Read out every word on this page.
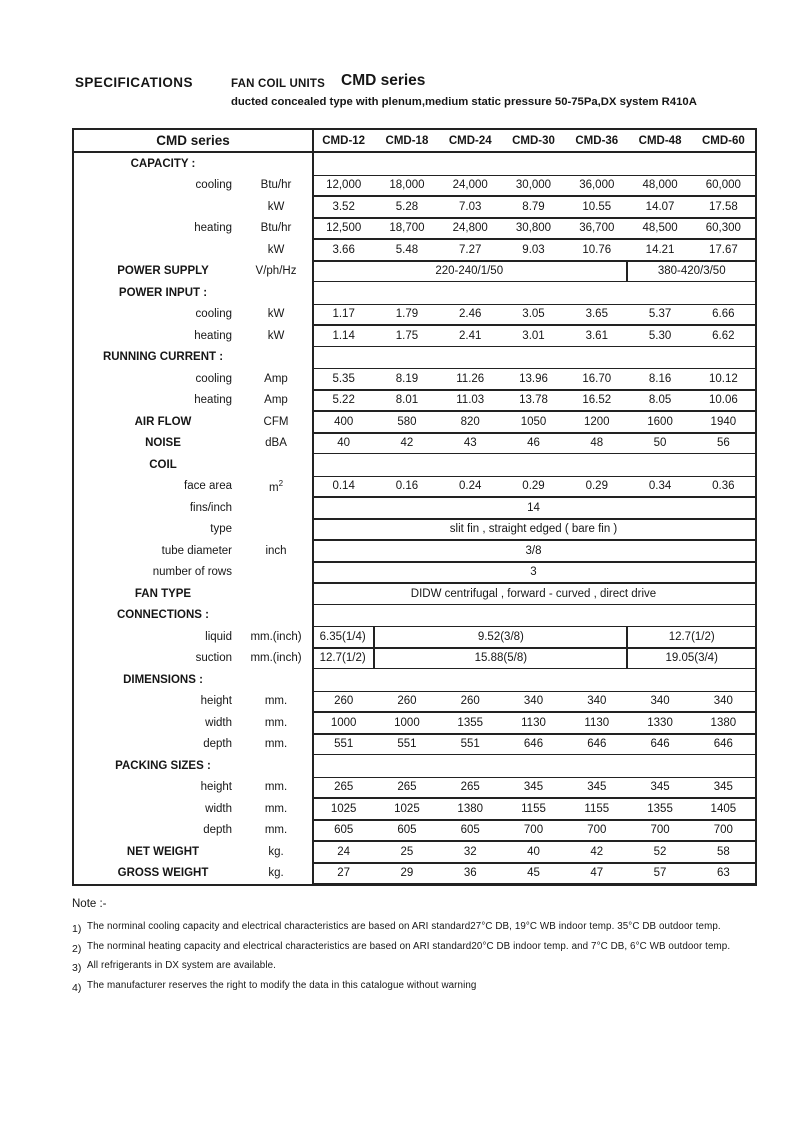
SPECIFICATIONS	FAN COIL UNITS CMD series
ducted concealed type with plenum,medium static pressure 50-75Pa,DX system R410A
CMD series		CMD-12	CMD-18	CMD-24	CMD-30	CMD-36	CMD-48	CMD-60
CAPACITY :								
cooling	Btu/hr	12,000	18,000	24,000	30,000	36,000	48,000	60,000
	kW	3.52	5.28	7.03	8.79	10.55	14.07	17.58
heating	Btu/hr	12,500	18,700	24,800	30,800	36,700	48,500	60,300
	kW	3.66	5.48	7.27	9.03	10.76	14.21	17.67
POWER SUPPLY	V/ph/Hz	220-240/1/50					380-420/3/50	
POWER INPUT :								
cooling	kW	1.17	1.79	2.46	3.05	3.65	5.37	6.66
heating	kW	1.14	1.75	2.41	3.01	3.61	5.30	6.62
RUNNING CURRENT :								
cooling	Amp	5.35	8.19	11.26	13.96	16.70	8.16	10.12
heating	Amp	5.22	8.01	11.03	13.78	16.52	8.05	10.06
AIR FLOW	CFM	400	580	820	1050	1200	1600	1940
NOISE	dBA	40	42	43	46	48	50	56
COIL								
face area	$m^2$	0.14	0.16	0.24	0.29	0.29	0.34	0.36
fins/inch		14						
type		slit fin , straight edged ( bare fin )						
tube diameter	inch	3/8						
number of rows		3						
FAN TYPE		DIDW centrifugal , forward - curved , direct drive						
CONNECTIONS :								
liquid	mm.(inch)	6.35(1/4)	9.52(3/8)				12.7(1/2)	
suction	mm.(inch)	12.7(1/2)	15.88(5/8)				19.05(3/4)	
DIMENSIONS :								
height	mm.	260	260	260	340	340	340	340
width	mm.	1000	1000	1355	1130	1130	1330	1380
depth	mm.	551	551	551	646	646	646	646
PACKING SIZES :								
height	mm.	265	265	265	345	345	345	345
width	mm.	1025	1025	1380	1155	1155	1355	1405
depth	mm.	605	605	605	700	700	700	700
NET WEIGHT	kg.	24	25	32	40	42	52	58
GROSS WEIGHT	kg.	27	29	36	45	47	57	63
Note :-
1) The norminal cooling capacity and electrical characteristics are based on ARI standard27°C DB, 19°C WB indoor temp. 35°C DB outdoor temp.
2) The norminal heating capacity and electrical characteristics are based on ARI standard20°C DB indoor temp. and 7°C DB, 6°C WB outdoor temp.
3) All refrigerants in DX system are available.
4) The manufacturer reserves the right to modify the data in this catalogue without warning
